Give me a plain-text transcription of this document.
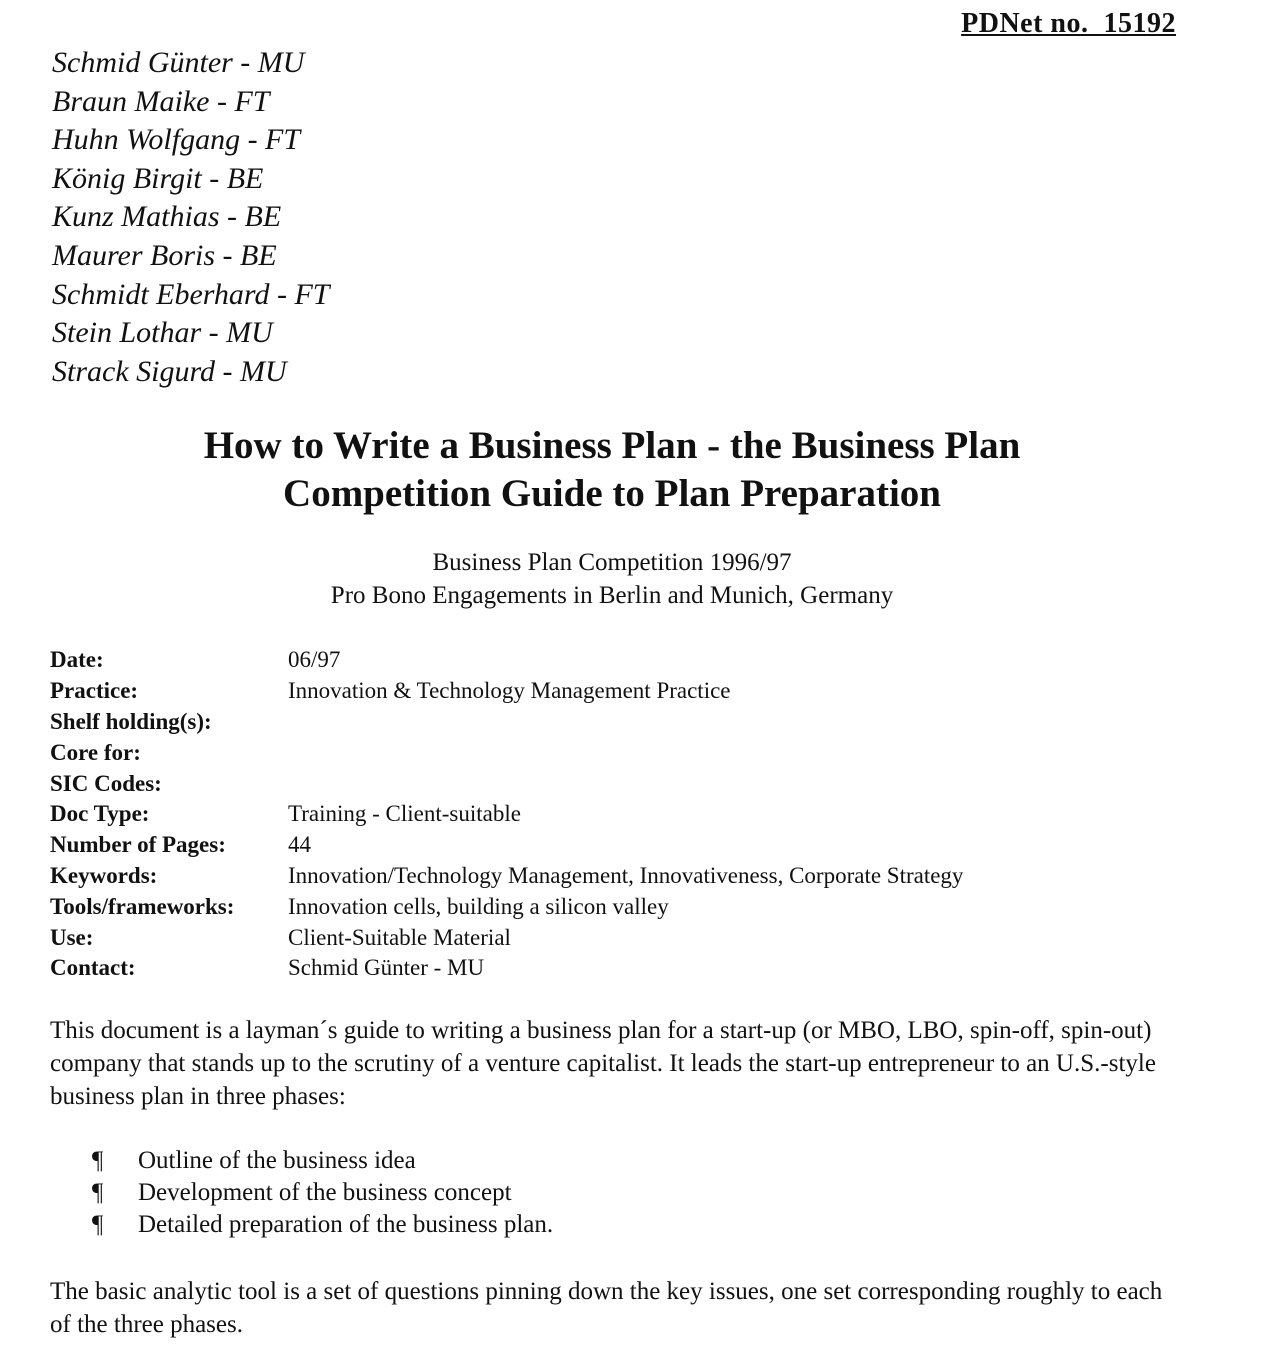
PDNet no.  15192
Schmid Günter - MU
Braun Maike - FT
Huhn Wolfgang - FT
König Birgit - BE
Kunz Mathias - BE
Maurer Boris - BE
Schmidt Eberhard - FT
Stein Lothar - MU
Strack Sigurd - MU
How to Write a Business Plan - the Business Plan
Competition Guide to Plan Preparation
Business Plan Competition 1996/97
Pro Bono Engagements in Berlin and Munich, Germany
Date:	06/97
Practice:	Innovation & Technology Management Practice
Shelf holding(s):	
Core for:	
SIC Codes:	
Doc Type:	Training - Client-suitable
Number of Pages:	44
Keywords:	Innovation/Technology Management, Innovativeness, Corporate Strategy
Tools/frameworks:	Innovation cells, building a silicon valley
Use:	Client-Suitable Material
Contact:	Schmid Günter - MU
This document is a layman´s guide to writing a business plan for a start-up (or MBO, LBO, spin-off, spin-out) company that stands up to the scrutiny of a venture capitalist. It leads the start-up entrepreneur to an U.S.-style business plan in three phases:
¶ Outline of the business idea
¶ Development of the business concept
¶ Detailed preparation of the business plan.
The basic analytic tool is a set of questions pinning down the key issues, one set corresponding roughly to each of the three phases.
